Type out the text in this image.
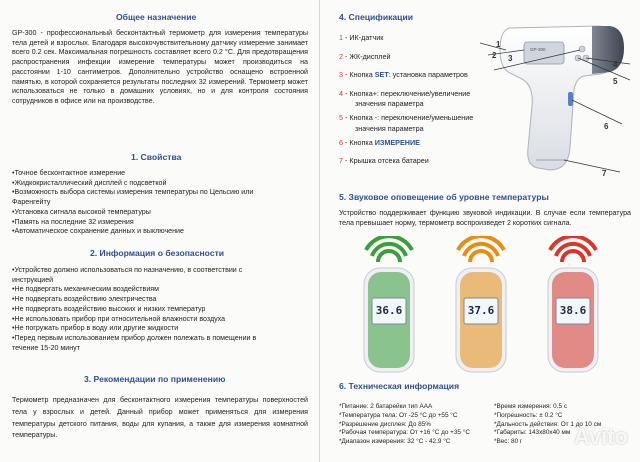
Общее назначение
GP-300 - профессиональный бесконтактный термометр для измерения температуры тела детей и взрослых. Благодаря высокочувствительному датчику измерение занимает всего 0.2 сек. Максимальная погрешность составляет всего 0.2 °C. Для предотвращения распространения инфекции измерение температуры может производиться на расстоянии 1-10 сантиметров. Дополнительно устройство оснащено встроенной памятью, в которой сохраняется результаты последних 32 измерений. Термометр может использоваться не только в домашних условиях, но и для контроля состояния сотрудников в офисе или на производстве.
1. Свойства
•Точное бесконтактное измерение
•Жидкокристаллический дисплей с подсветкой
•Возможность выбора системы измерения температуры по Цельсию или
Фаренгейту
•Установка сигнала высокой температуры
•Память на последние 32 измерения
•Автоматическое сохранение данных и выключение
2. Информация о безопасности
•Устройство должно использоваться по назначению, в соответствии с
инструкцией
•Не подвергать механическим воздействиям
•Не подвергать воздействию электричества
•Не подвергать воздействию высоких и низких температур
•Не использовать прибор при относительной влажности воздуха
•Не погружать прибор в воду или другие жидкости
•Перед первым использованием прибор должен полежать в помещении в
течение 15-20 минут
3. Рекомендации по применению
Термометр предназначен для бесконтактного измерения температуры поверхностей тела у взрослых и детей. Данный прибор может применяться для измерения температуры детского питания, воды для купания, а также для измерения комнатной температуры.
4. Спецификации
GP-300
1
2 3
4
5
6
7
5. Звуковое оповещение об уровне температуры
Устройство поддерживает функцию звуковой индикации. В случае если температура тела превышает норму, термометр воспроизведет 2 коротких сигнала.
36.6	37.6	38.6
6. Техническая информация
*Питание: 2 батарейки тип AAA
*Температура тела: От -25 °C до +55 °C
*Разрешение дисплея: До 85%
*Рабочая температура: От +16 °C до +35 °C
*Диапазон измерения: 32 °C - 42.9 °C
*Время измерения: 0.5 с
*Погрешность: ± 0.2 °C
*Дальность действия: От 1 до 10 см
*Габариты: 143x80x40 мм
*Вес: 80 г	Avito
1 - ИК-датчик
2 - ЖК-дисплей
3 - Кнопка SET: установка параметров
4 - Кнопка+: переключение/увеличение
значения параметра
5 - Кнопка -: переключение/уменьшение
значения параметра
6 - Кнопка ИЗМЕРЕНИЕ
7 - Крышка отсека батареи
